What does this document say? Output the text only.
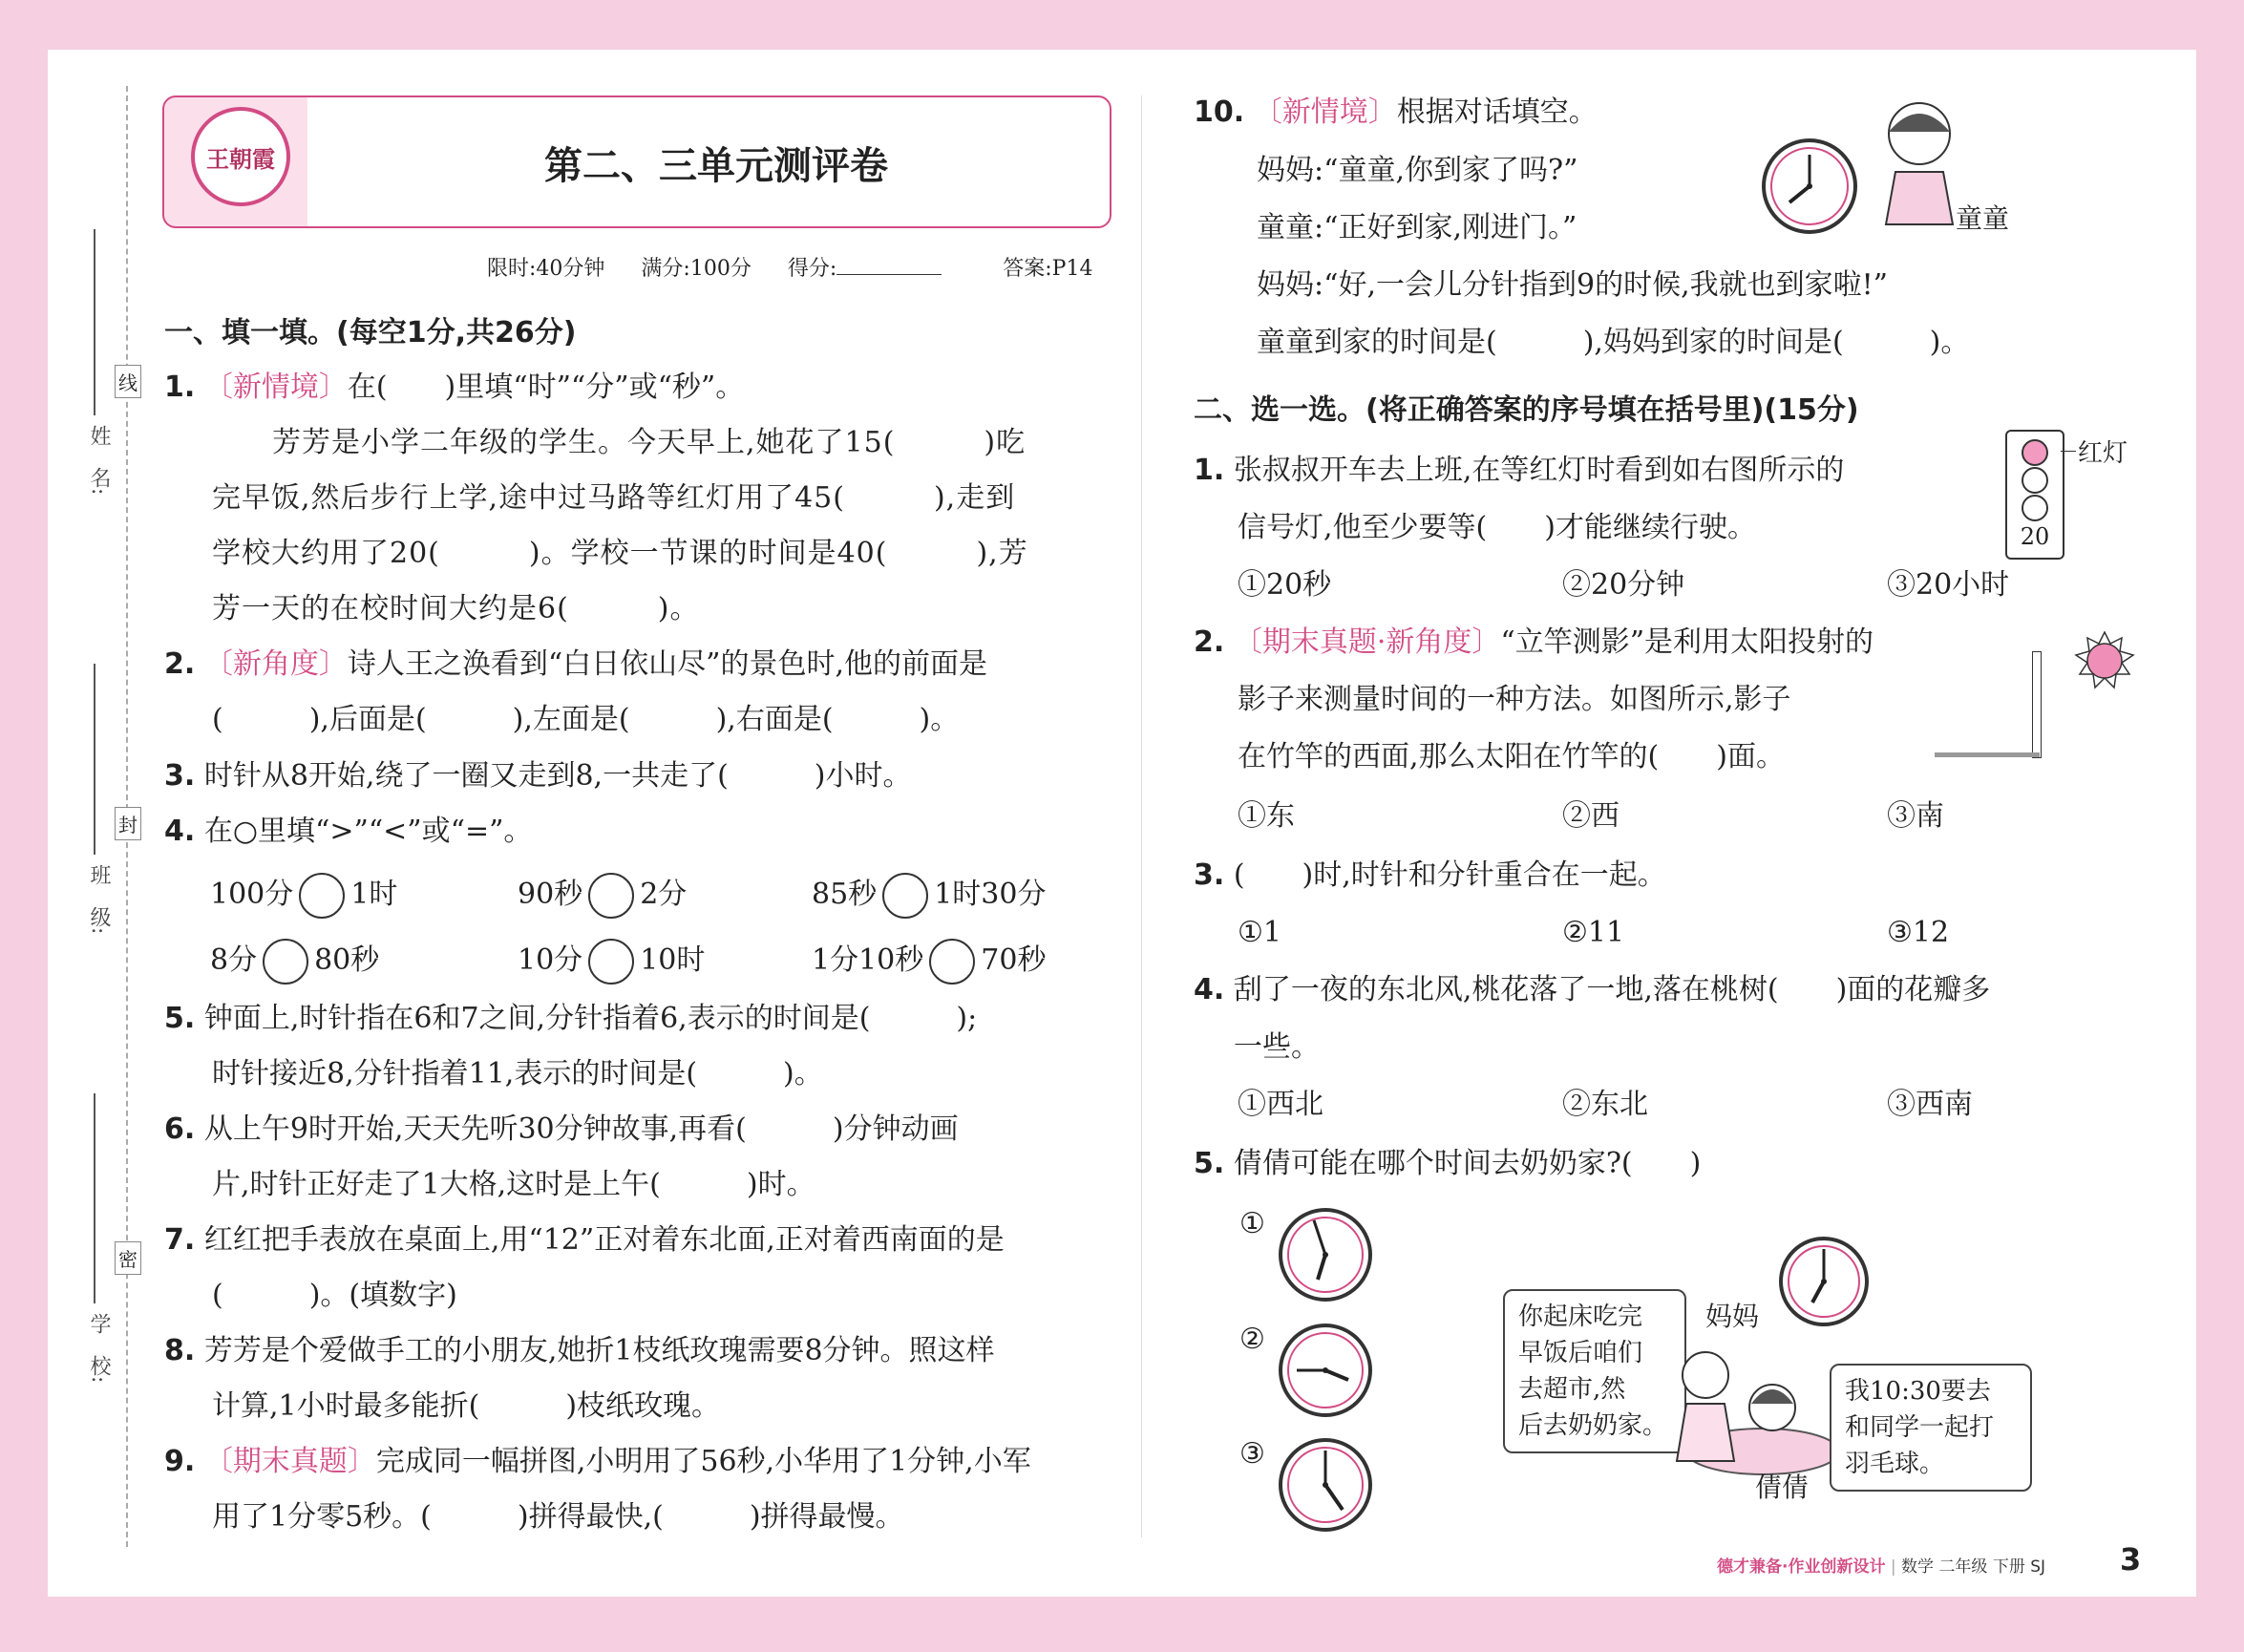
线
封
密
姓　名:
班　级:
学　校:
王朝霞	第二、三单元测评卷
限时:40分钟 满分:100分 得分:	答案:P14
一、填一填。(每空1分,共26分)
1. 〔新情境〕在(　　)里填“时”“分”或“秒”。
芳芳是小学二年级的学生。今天早上,她花了15(　　　)吃
完早饭,然后步行上学,途中过马路等红灯用了45(　　　),走到
学校大约用了20(　　　)。学校一节课的时间是40(　　　),芳
芳一天的在校时间大约是6(　　　)。
2. 〔新角度〕诗人王之涣看到“白日依山尽”的景色时,他的前面是
(　　　),后面是(　　　),左面是(　　　),右面是(　　　)。
3. 时针从8开始,绕了一圈又走到8,一共走了(　　　)小时。
4. 在○里填“>”“<”或“=”。
100分 1时	90秒 2分	85秒 1时30分
8分 80秒	10分 10时	1分10秒 70秒
5. 钟面上,时针指在6和7之间,分针指着6,表示的时间是(　　　);
时针接近8,分针指着11,表示的时间是(　　　)。
6. 从上午9时开始,天天先听30分钟故事,再看(　　　)分钟动画
片,时针正好走了1大格,这时是上午(　　　)时。
7. 红红把手表放在桌面上,用“12”正对着东北面,正对着西南面的是
(　　　)。(填数字)
8. 芳芳是个爱做手工的小朋友,她折1枝纸玫瑰需要8分钟。照这样
计算,1小时最多能折(　　　)枝纸玫瑰。
9. 〔期末真题〕完成同一幅拼图,小明用了56秒,小华用了1分钟,小军
用了1分零5秒。(　　　)拼得最快,(　　　)拼得最慢。
10. 〔新情境〕根据对话填空。
妈妈:“童童,你到家了吗?”
童童:“正好到家,刚进门。”
妈妈:“好,一会儿分针指到9的时候,我就也到家啦!”
童童到家的时间是(　　　),妈妈到家的时间是(　　　)。
童童
二、选一选。(将正确答案的序号填在括号里)(15分)
1. 张叔叔开车去上班,在等红灯时看到如右图所示的
信号灯,他至少要等(　　)才能继续行驶。
①20秒	②20分钟	③20小时
20
红灯
2. 〔期末真题·新角度〕“立竿测影”是利用太阳投射的
影子来测量时间的一种方法。如图所示,影子
在竹竿的西面,那么太阳在竹竿的(　　)面。
①东	②西	③南
3. (　　)时,时针和分针重合在一起。
①1	②11	③12
4. 刮了一夜的东北风,桃花落了一地,落在桃树(　　)面的花瓣多
一些。
①西北	②东北	③西南
5. 倩倩可能在哪个时间去奶奶家?(　　)
①
②
③
你起床吃完
早饭后咱们
去超市,然
后去奶奶家。
妈妈
我10:30要去
和同学一起打
羽毛球。
倩倩
德才兼备·作业创新设计 | 数学 二年级 下册 SJ 3
